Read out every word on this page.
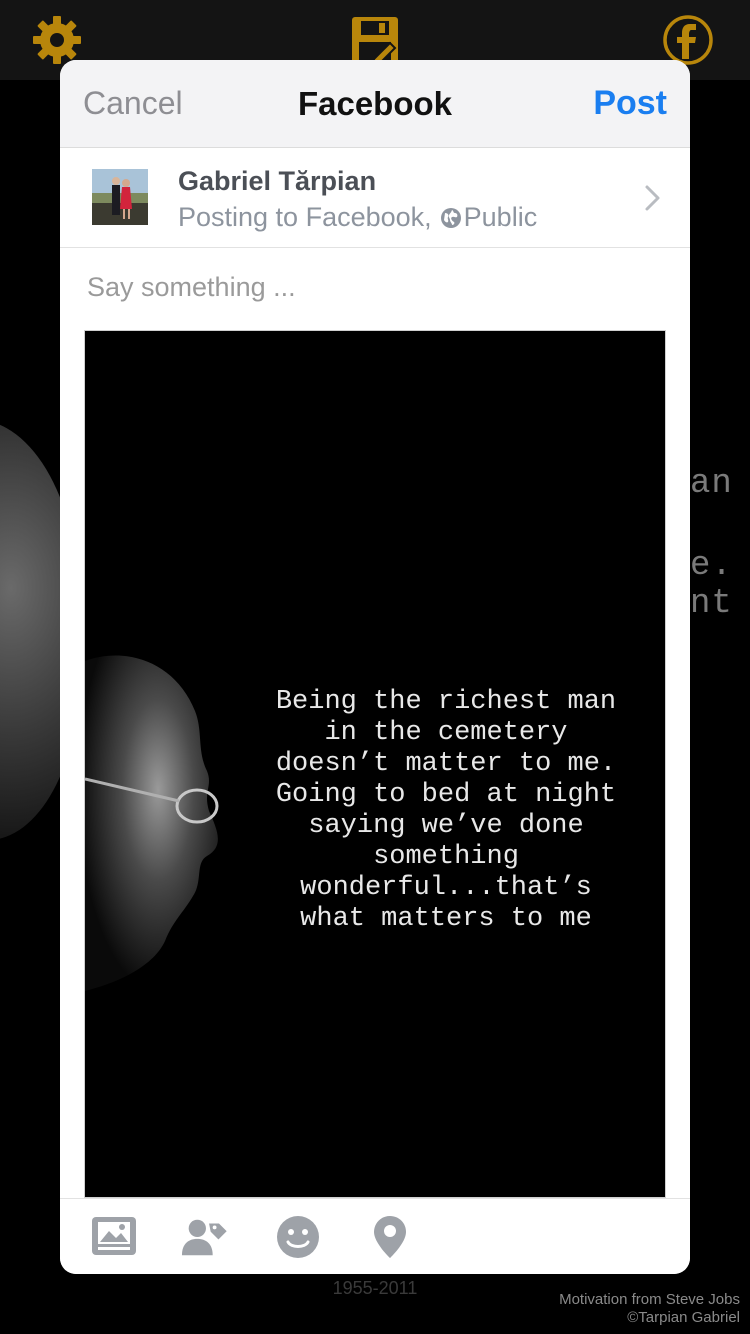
an
e.
nt
1955-2011
Motivation from Steve Jobs
©Tarpian Gabriel
Cancel	Facebook	Post
Gabriel Tărpian
Posting to Facebook, Public
Say something ...
Being the richest man
in the cemetery
doesn’t matter to me.
Going to bed at night
saying we’ve done
something
wonderful...that’s
what matters to me
